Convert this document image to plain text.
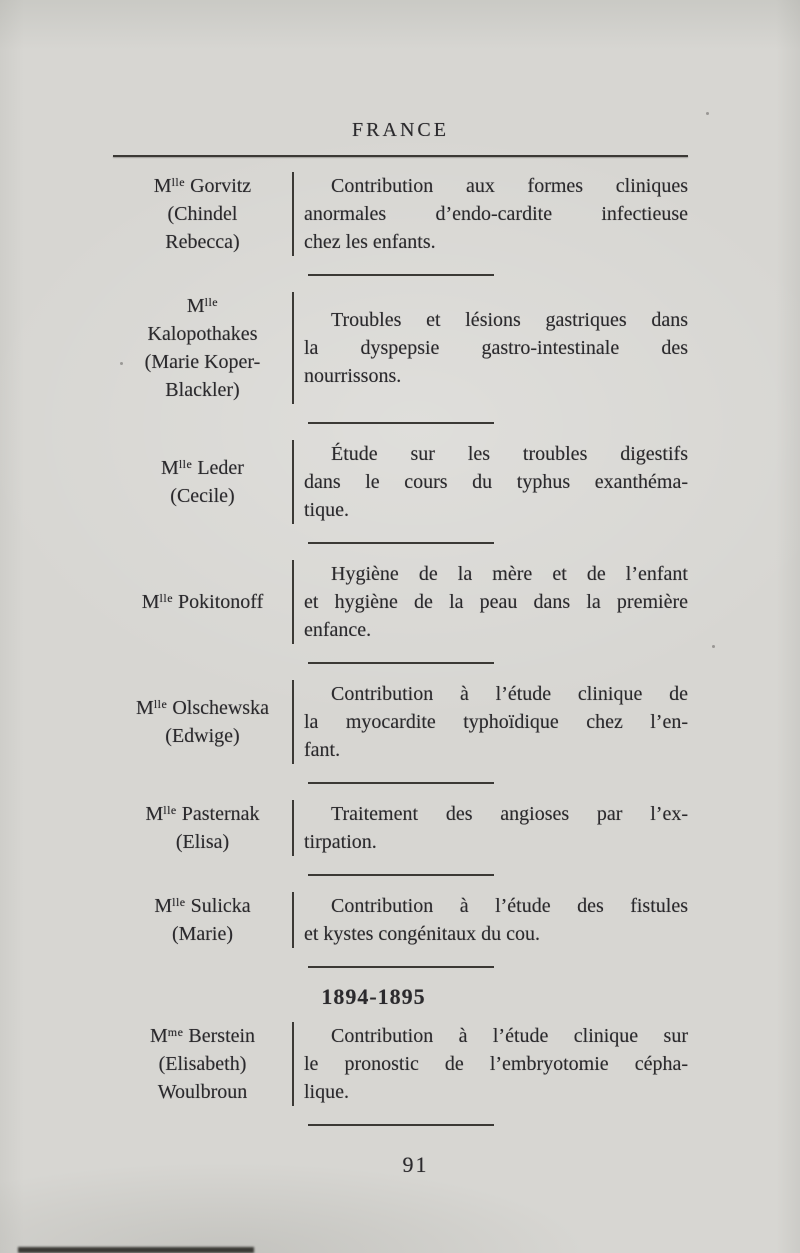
FRANCE
$M^{lle}$ Gorvitz
(Chindel
Rebecca)
Contribution aux formes cliniques
anormales d’endo-cardite infectieuse
chez les enfants.
$M^{lle}$
Kalopothakes
(Marie Koper-
Blackler)
Troubles et lésions gastriques dans
la dyspepsie gastro-intestinale des
nourrissons.
$M^{lle}$ Leder
(Cecile)
Étude sur les troubles digestifs
dans le cours du typhus exanthéma-
tique.
$M^{lle}$ Pokitonoff
Hygiène de la mère et de l’enfant
et hygiène de la peau dans la première
enfance.
$M^{lle}$ Olschewska
(Edwige)
Contribution à l’étude clinique de
la myocardite typhoïdique chez l’en-
fant.
$M^{lle}$ Pasternak
(Elisa)
Traitement des angioses par l’ex-
tirpation.
$M^{lle}$ Sulicka
(Marie)
Contribution à l’étude des fistules
et kystes congénitaux du cou.
1894-1895
$M^{me}$ Berstein
(Elisabeth)
Woulbroun
Contribution à l’étude clinique sur
le pronostic de l’embryotomie cépha-
lique.
91
